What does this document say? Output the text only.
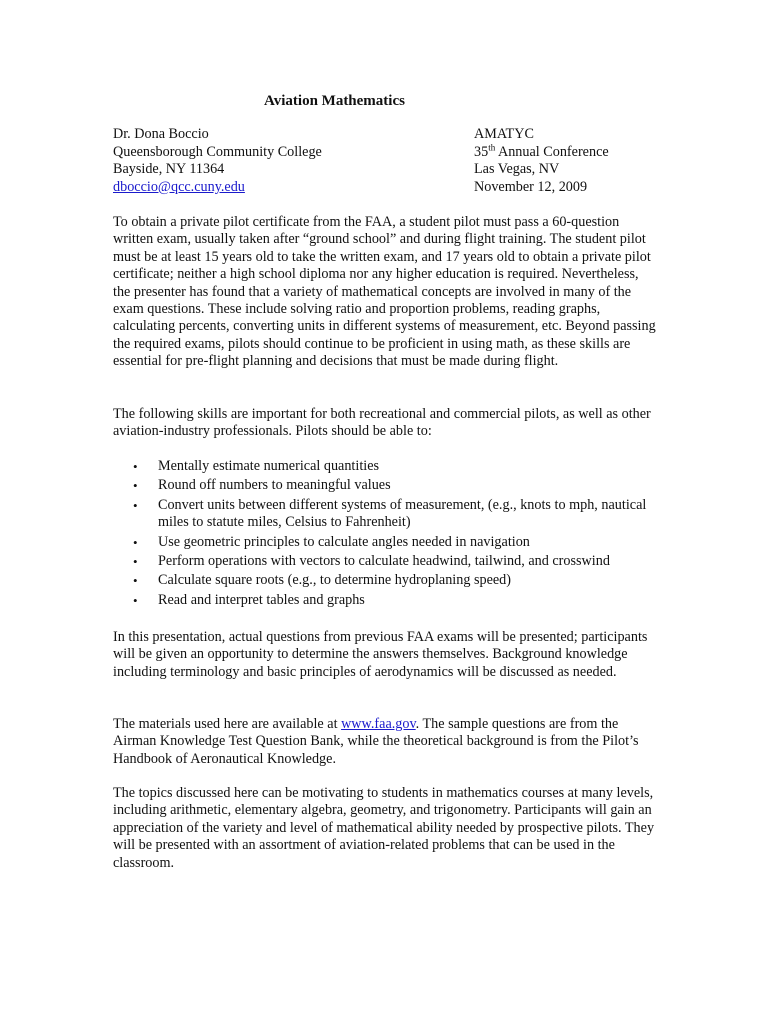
Aviation Mathematics
Dr. Dona Boccio
Queensborough Community College
Bayside, NY 11364
dboccio@qcc.cuny.edu
AMATYC
35th Annual Conference
Las Vegas, NV
November 12, 2009

To obtain a private pilot certificate from the FAA, a student pilot must pass a 60-question written exam, usually taken after “ground school” and during flight training. The student pilot must be at least 15 years old to take the written exam, and 17 years old to obtain a private pilot certificate; neither a high school diploma nor any higher education is required. Nevertheless, the presenter has found that a variety of mathematical concepts are involved in many of the exam questions. These include solving ratio and proportion problems, reading graphs, calculating percents, converting units in different systems of measurement, etc. Beyond passing the required exams, pilots should continue to be proficient in using math, as these skills are essential for pre-flight planning and decisions that must be made during flight.

The following skills are important for both recreational and commercial pilots, as well as other aviation-industry professionals. Pilots should be able to:

• Mentally estimate numerical quantities
• Round off numbers to meaningful values
• Convert units between different systems of measurement, (e.g., knots to mph, nautical miles to statute miles, Celsius to Fahrenheit)
• Use geometric principles to calculate angles needed in navigation
• Perform operations with vectors to calculate headwind, tailwind, and crosswind
• Calculate square roots (e.g., to determine hydroplaning speed)
• Read and interpret tables and graphs

In this presentation, actual questions from previous FAA exams will be presented; participants will be given an opportunity to determine the answers themselves. Background knowledge including terminology and basic principles of aerodynamics will be discussed as needed.

The materials used here are available at www.faa.gov. The sample questions are from the Airman Knowledge Test Question Bank, while the theoretical background is from the Pilot’s Handbook of Aeronautical Knowledge.

The topics discussed here can be motivating to students in mathematics courses at many levels, including arithmetic, elementary algebra, geometry, and trigonometry. Participants will gain an appreciation of the variety and level of mathematical ability needed by prospective pilots. They will be presented with an assortment of aviation-related problems that can be used in the classroom.
